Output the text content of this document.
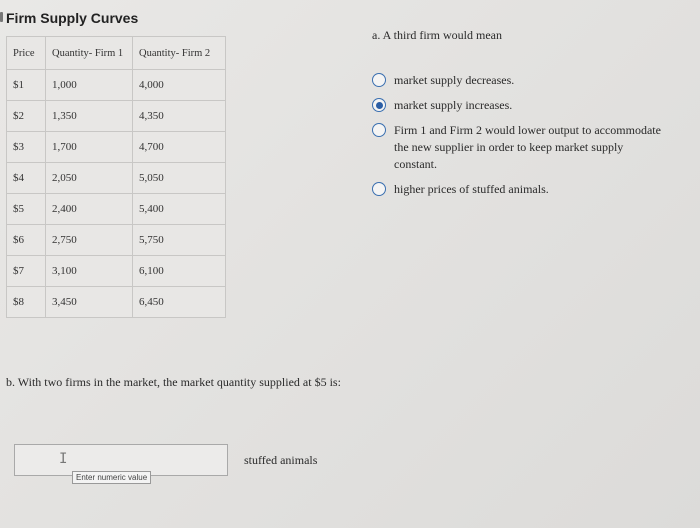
Firm Supply Curves
Price	Quantity- Firm 1	Quantity- Firm 2
$1	1,000	4,000
$2	1,350	4,350
$3	1,700	4,700
$4	2,050	5,050
$5	2,400	5,400
$6	2,750	5,750
$7	3,100	6,100
$8	3,450	6,450
a. A third firm would mean
market supply decreases.
market supply increases.
Firm 1 and Firm 2 would lower output to accommodate the new supplier in order to keep market supply constant.
higher prices of stuffed animals.
b. With two firms in the market, the market quantity supplied at $5 is:
I
Enter numeric value
stuffed animals
